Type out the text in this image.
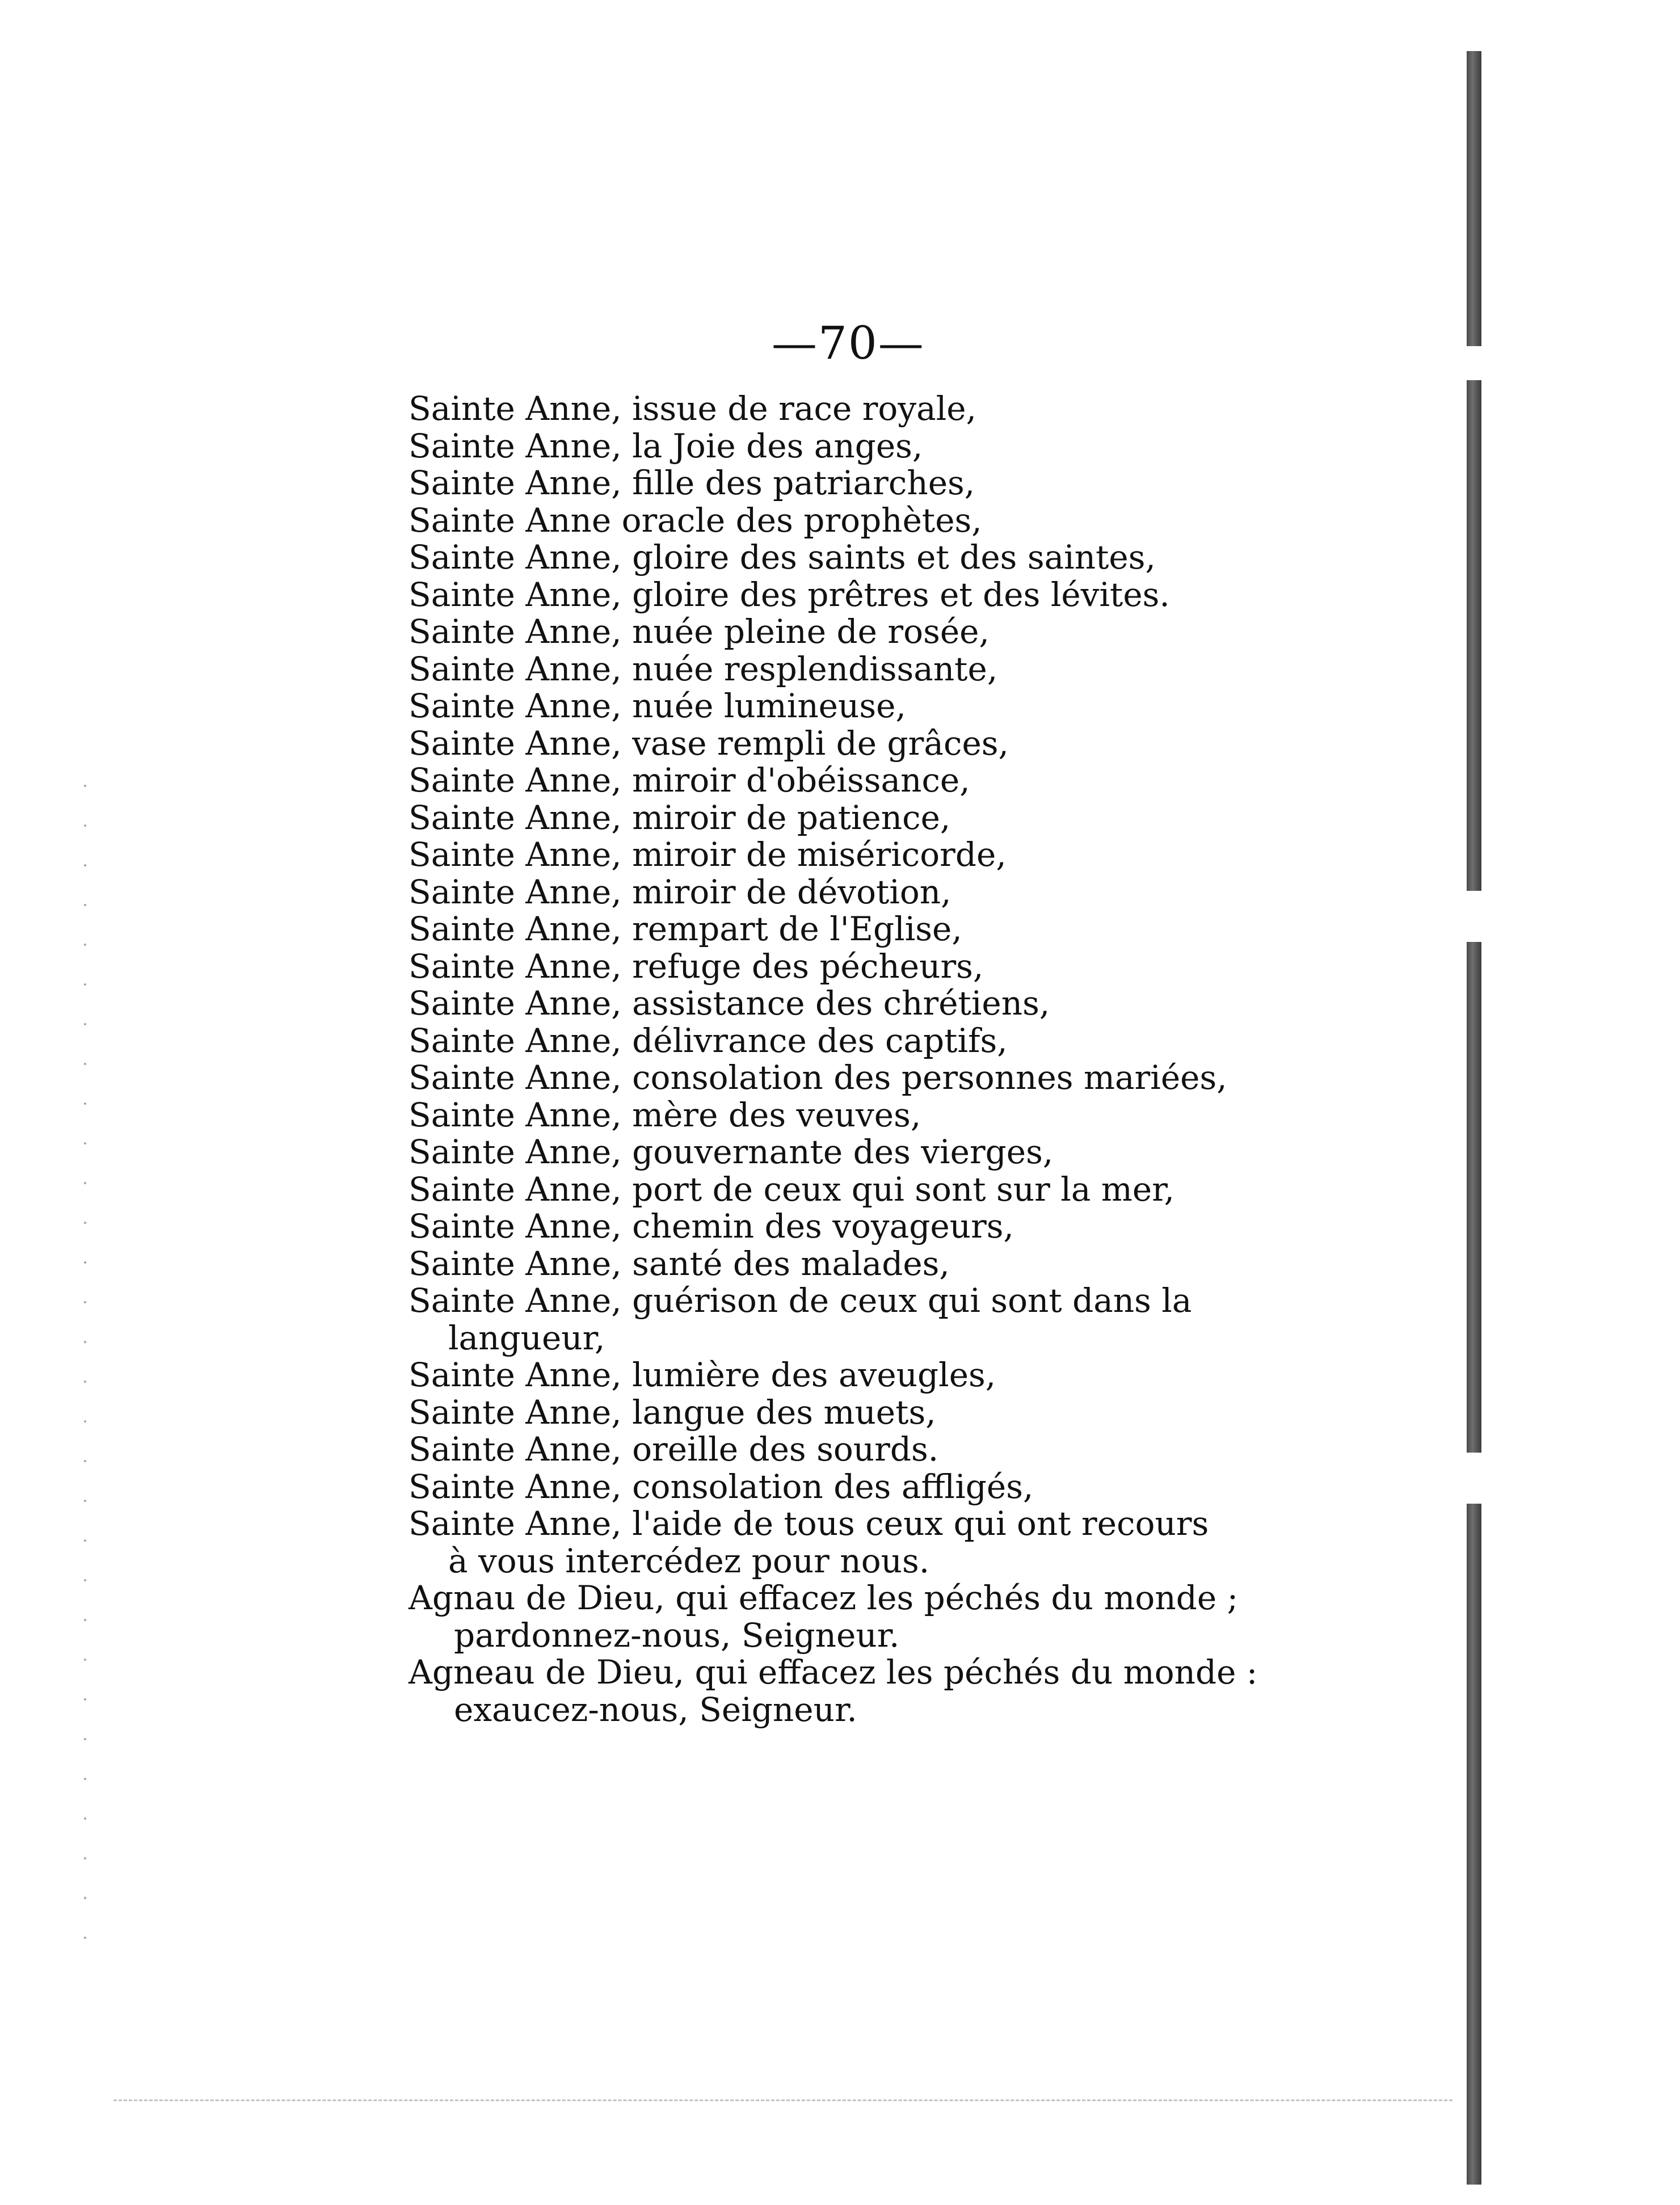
—70—
Sainte Anne, issue de race royale,
Sainte Anne, la Joie des anges,
Sainte Anne, fille des patriarches,
Sainte Anne oracle des prophètes,
Sainte Anne, gloire des saints et des saintes,
Sainte Anne, gloire des prêtres et des lévites.
Sainte Anne, nuée pleine de rosée,
Sainte Anne, nuée resplendissante,
Sainte Anne, nuée lumineuse,
Sainte Anne, vase rempli de grâces,
Sainte Anne, miroir d'obéissance,
Sainte Anne, miroir de patience,
Sainte Anne, miroir de miséricorde,
Sainte Anne, miroir de dévotion,
Sainte Anne, rempart de l'Eglise,
Sainte Anne, refuge des pécheurs,
Sainte Anne, assistance des chrétiens,
Sainte Anne, délivrance des captifs,
Sainte Anne, consolation des personnes mariées,
Sainte Anne, mère des veuves,
Sainte Anne, gouvernante des vierges,
Sainte Anne, port de ceux qui sont sur la mer,
Sainte Anne, chemin des voyageurs,
Sainte Anne, santé des malades,
Sainte Anne, guérison de ceux qui sont dans la
langueur,
Sainte Anne, lumière des aveugles,
Sainte Anne, langue des muets,
Sainte Anne, oreille des sourds.
Sainte Anne, consolation des affligés,
Sainte Anne, l'aide de tous ceux qui ont recours
à vous intercédez pour nous.
Agnau de Dieu, qui effacez les péchés du monde ;
pardonnez-nous, Seigneur.
Agneau de Dieu, qui effacez les péchés du monde :
exaucez-nous, Seigneur.
